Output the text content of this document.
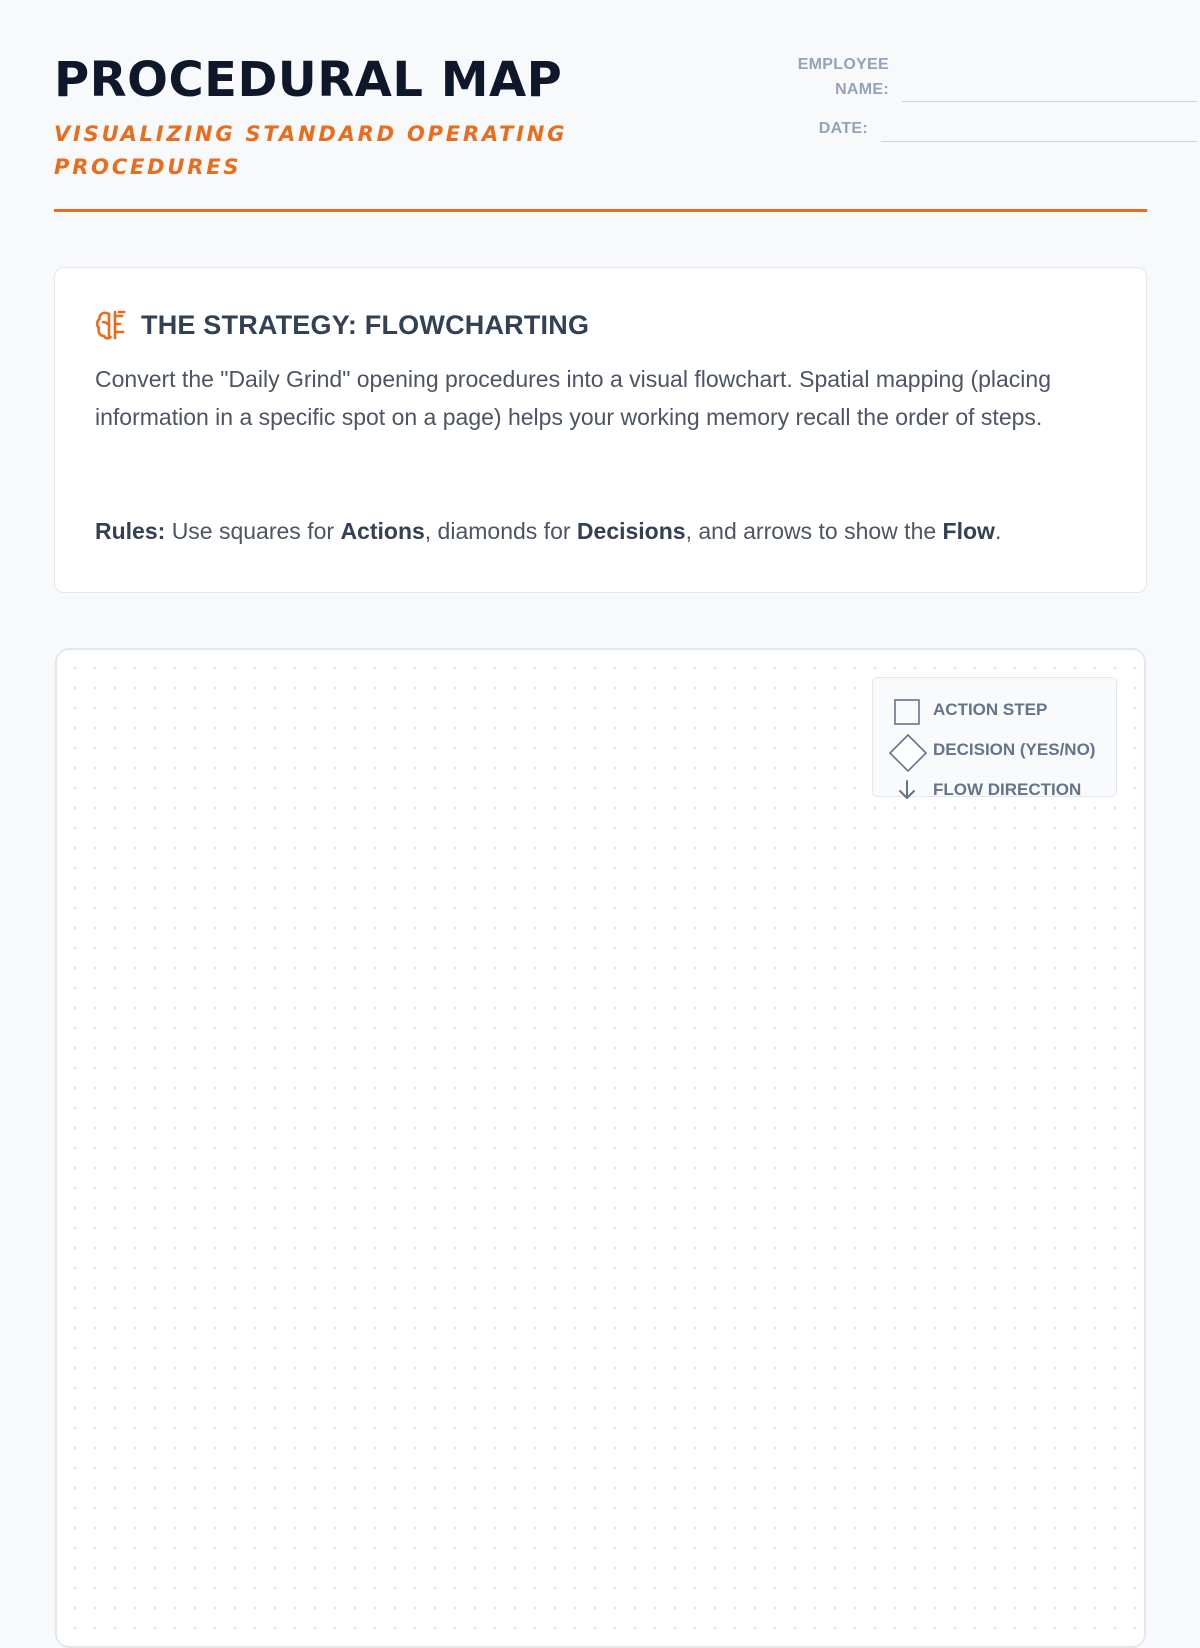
PROCEDURAL MAP

VISUALIZING STANDARD OPERATING PROCEDURES

EMPLOYEE NAME:
DATE:
THE STRATEGY: FLOWCHARTING

Convert the "Daily Grind" opening procedures into a visual flowchart. Spatial mapping (placing information in a specific spot on a page) helps your working memory recall the order of steps.

Rules: Use squares for Actions, diamonds for Decisions, and arrows to show the Flow.

ACTION STEP
DECISION (YES/NO)
FLOW DIRECTION
